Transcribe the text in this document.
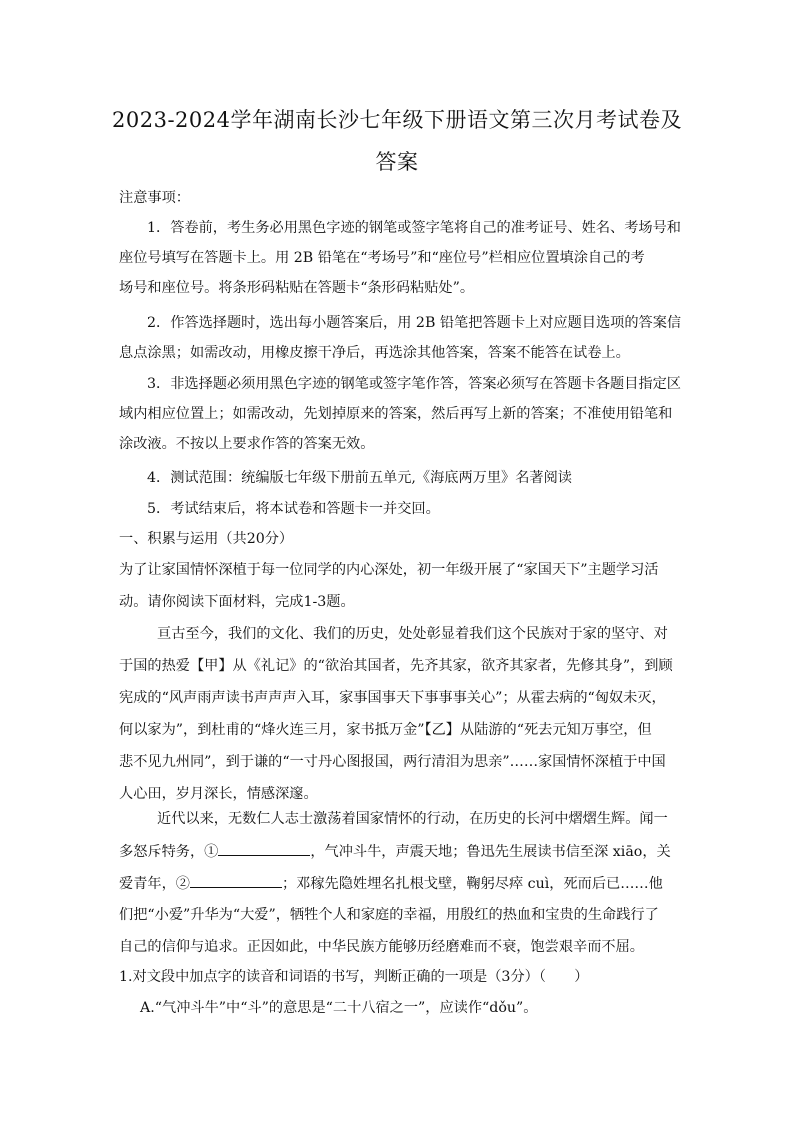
2023-2024学年湖南长沙七年级下册语文第三次月考试卷及
答案
注意事项：
1．答卷前，考生务必用黑色字迹的钢笔或签字笔将自己的准考证号、姓名、考场号和
座位号填写在答题卡上。用 2B 铅笔在“考场号”和“座位号”栏相应位置填涂自己的考
场号和座位号。将条形码粘贴在答题卡“条形码粘贴处”。
2．作答选择题时，选出每小题答案后，用 2B 铅笔把答题卡上对应题目选项的答案信
息点涂黑；如需改动，用橡皮擦干净后，再选涂其他答案，答案不能答在试卷上。
3．非选择题必须用黑色字迹的钢笔或签字笔作答，答案必须写在答题卡各题目指定区
域内相应位置上；如需改动，先划掉原来的答案，然后再写上新的答案；不准使用铅笔和
涂改液。不按以上要求作答的答案无效。
4．测试范围：统编版七年级下册前五单元,《海底两万里》名著阅读
5．考试结束后，将本试卷和答题卡一并交回。
一、积累与运用（共20分）
为了让家国情怀深植于每一位同学的内心深处，初一年级开展了“家国天下”主题学习活
动。请你阅读下面材料，完成1-3题。
亘古至今，我们的文化、我们的历史，处处彰显着我们这个民族对于家的坚守、对
于国的热爱【甲】从《礼记》的“欲治其国者，先齐其家，欲齐其家者，先修其身”，到顾
宪成的“风声雨声读书声声声入耳，家事国事天下事事事关心”；从霍去病的“匈奴未灭，
何以家为”，到杜甫的“烽火连三月，家书抵万金”【乙】从陆游的“死去元知万事空，但
悲不见九州同”，到于谦的“一寸丹心图报国，两行清泪为思亲”……家国情怀深植于中国
人心田，岁月深长，情感深邃。
近代以来，无数仁人志士激荡着国家情怀的行动，在历史的长河中熠熠生辉。闻一
多怒斥特务，①	，气冲斗牛，声震天地；鲁迅先生展读书信至深 xiāo，关
爱青年，②	；邓稼先隐姓埋名扎根戈壁，鞠躬尽瘁 cuì，死而后已……他
们把“小爱”升华为“大爱”，牺牲个人和家庭的幸福，用殷红的热血和宝贵的生命践行了
自己的信仰与追求。正因如此，中华民族方能够历经磨难而不衰，饱尝艰辛而不屈。
1.对文段中加点字的读音和词语的书写，判断正确的一项是（3分）（　　）
A.“气冲斗牛”中“斗”的意思是“二十八宿之一”，应读作“dǒu”。
